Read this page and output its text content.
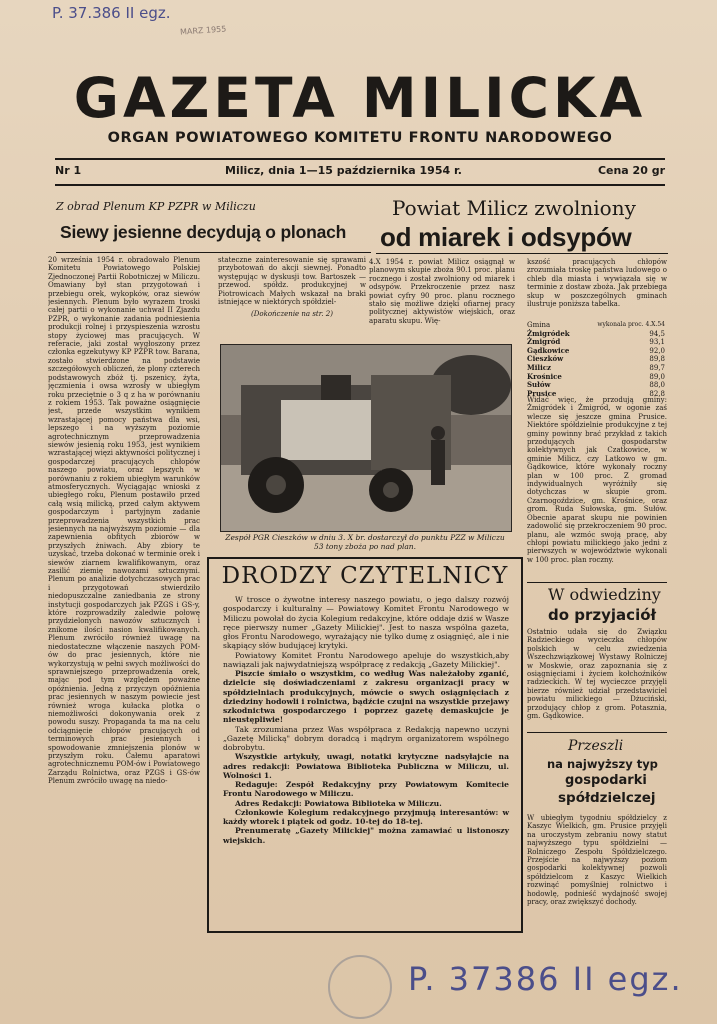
P. 37.386 II egz.
MARZ 1955
GAZETA MILICKA
ORGAN POWIATOWEGO KOMITETU FRONTU NARODOWEGO
Nr 1	Milicz, dnia 1—15 października 1954 r.	Cena 20 gr
Z obrad Plenum KP PZPR w Miliczu
Siewy jesienne decydują o plonach
20 września 1954 r. obradowało Plenum Komitetu Powiatowego Polskiej Zjednoczonej Partii Robotniczej w Miliczu. Omawiany był stan przygotowań i przebiegu orek, wykopków, oraz siewów jesiennych. Plenum było wyrazem troski całej partii o wykonanie uchwał II Zjazdu PZPR, o wykonanie zadania podniesienia produkcji rolnej i przyspieszenia wzrostu stopy życiowej mas pracujących. W referacie, jaki został wygłoszony przez członka egzekutywy KP PZPR tow. Barana, zostało stwierdzone na podstawie szczegółowych obliczeń, że plony czterech podstawowych zbóż tj. pszenicy, żyta, jęczmienia i owsa wzrosły w ubiegłym roku przeciętnie o 3 q z ha w porównaniu z rokiem 1953. Tak poważne osiągnięcie jest, przede wszystkim wynikiem wzrastającej pomocy państwa dla wsi, lepszego i na wyższym poziomie agrotechnicznym przeprowadzenia siewów jesienią roku 1953, jest wynikiem wzrastającej więzi aktywności politycznej i gospodarczej pracujących chłopów naszego powiatu, oraz lepszych w porównaniu z rokiem ubiegłym warunków atmosferycznych. Wyciągając wnioski z ubiegłego roku, Plenum postawiło przed całą wsią milicką, przed całym aktywem gospodarczym i partyjnym zadanie przeprowadzenia wszystkich prac jesiennych na najwyższym poziomie — dla zapewnienia obfitych zbiorów w przyszłych żniwach. Aby zbiory te uzyskać, trzeba dokonać w terminie orek i siewów ziarnem kwalifikowanym, oraz zasilić ziemię nawozami sztucznymi. Plenum po analizie dotychczasowych prac i przygotowań stwierdziło niedopuszczalne zaniedbania ze strony instytucji gospodarczych jak PZGS i GS-y, które rozprowadziły zaledwie połowę przydzielonych nawozów sztucznych i znikome ilości nasion kwalifikowanych. Plenum zwróciło również uwagę na niedostateczne włączenie naszych POM-ów do prac jesiennych, które nie wykorzystują w pełni swych możliwości do sprawniejszego przeprowadzenia orek, mając pod tym względem poważne opóźnienia. Jedną z przyczyn opóźnienia prac jesiennych w naszym powiecie jest również wroga kułacka plotka o niemożliwości dokonywania orek z powodu suszy. Propaganda ta ma na celu odciągnięcie chłopów pracujących od terminowych prac jesiennych i spowodowanie zmniejszenia plonów w przyszłym roku. Całemu aparatowi agrotechnicznemu POM-ów i Powiatowego Zarządu Rolnictwa, oraz PZGS i GS-ów Plenum zwróciło uwagę na niedo-
stateczne zainteresowanie się sprawami przybotowań do akcji siewnej. Ponadto występując w dyskusji tow. Bartoszek — przewod. spółdz. produkcyjnej w Piotrowicach Małych wskazał na braki istniejące w niektórych spółdziel-
(Dokończenie na str. 2)
Powiat Milicz zwolniony
od miarek i odsypów
4.X 1954 r. powiat Milicz osiągnął w planowym skupie zboża 90.1 proc. planu rocznego i został zwolniony od miarek i odsypów. Przekroczenie przez nasz powiat cyfry 90 proc. planu rocznego stało się możliwe dzięki ofiarnej pracy politycznej aktywistów wiejskich, oraz aparatu skupu. Wię-
kszość pracujących chłopów zrozumiała troskę państwa ludowego o chleb dla miasta i wywiązała się w terminie z dostaw zboża. Jak przebiega skup w poszczególnych gminach ilustruje poniższa tabelka.
Gmina	wykonala proc. 4.X.54
Żmigródek	94,5
Żmigród	93,1
Gądkowice	92,0
Cieszków	89,8
Milicz	89,7
Krośnice	89,0
Sułów	88,0
Prusice	82,8
Widać więc, że przodują gminy: Żmigródek i Żmigród, w ogonie zaś wlecze się jeszcze gmina Prusice. Niektóre spółdzielnie produkcyjne z tej gminy powinny brać przykład z takich przodujących gospodarstw kolektywnych jak Czatkowice, w gminie Milicz, czy Latkowo w gm. Gądkowice, które wykonały roczny plan w 100 proc. Z gromad indywidualnych wyróżniły się dotychczas w skupie grom. Czarnogoździce, gm. Krośnice, oraz grom. Ruda Sułowska, gm. Sułów. Obecnie aparat skupu nie powinien zadowolić się przekroczeniem 90 proc. planu, ale wzmóc swoją pracę, aby chłopi powiatu milickiego jako jedni z pierwszych w województwie wykonali w 100 proc. plan roczny.
Zespół PGR Cieszków w dniu 3. X br. dostarczył do punktu PZZ w Miliczu 53 tony zboża po nad plan.
DRODZY CZYTELNICY

W trosce o żywotne interesy naszego powiatu, o jego dalszy rozwój gospodarczy i kulturalny — Powiatowy Komitet Frontu Narodowego w Miliczu powołał do życia Kolegium redakcyjne, które oddaje dziś w Wasze ręce pierwszy numer „Gazety Milickiej". Jest to nasza wspólna gazeta, głos Frontu Narodowego, wyrażający nie tylko dumę z osiągnięć, ale i nie skąpiący słów budującej krytyki.

Powiatowy Komitet Frontu Narodowego apeluje do wszystkich,aby nawiązali jak najwydatniejszą współpracę z redakcją „Gazety Milickiej".

Piszcie śmiało o wszystkim, co według Was należałoby zganić, dzielcie się doświadczeniami z zakresu organizacji pracy w spółdzielniach produkcyjnych, mówcie o swych osiągnięciach z dziedziny hodowli i rolnictwa, bądźcie czujni na wszystkie przejawy szkodnictwa gospodarczego i poprzez gazetę demaskujcie je nieustępliwie!

Tak zrozumiana przez Was współpraca z Redakcją napewno uczyni „Gazetę Milicką" dobrym doradcą i mądrym organizatorem wspólnego dobrobytu.

Wszystkie artykuły, uwagi, notatki krytyczne nadsyłajcie na adres redakcji: Powiatowa Biblioteka Publiczna w Miliczu, ul. Wolności 1.

Redaguje: Zespół Redakcyjny przy Powiatowym Komitecie Frontu Narodowego w Miliczu.

Adres Redakcji: Powiatowa Biblioteka w Miliczu.

Członkowie Kolegium redakcyjnego przyjmują interesantów: w każdy wtorek i piątek od godz. 10-tej do 18-tej.

Prenumeratę „Gazety Milickiej" można zamawiać u listonoszy wiejskich.

W odwiedziny
do przyjaciół
Ostatnio udała się do Związku Radzieckiego wycieczka chłopów polskich w celu zwiedzenia Wszechzwiązkowej Wystawy Rolniczej w Moskwie, oraz zapoznania się z osiągnięciami i życiem kołchoźników radzieckich. W tej wycieczce przyjęli bierze również udział przedstawiciel powiatu milickiego — Dżuciński, przodujący chłop z grom. Potasznia, gm. Gądkowice.
Przeszli
na najwyższy typ
gospodarki
spółdzielczej
W ubiegłym tygodniu spółdzielcy z Kaszyc Wielkich, gm. Prusice przyjęli na uroczystym zebraniu nowy statut najwyższego typu spółdzielni — Rolniczego Zespołu Spółdzielczego. Przejście na najwyższy poziom gospodarki kolektywnej pozwoli spółdzielcom z Kaszyc Wielkich rozwinąć pomyślniej rolnictwo i hodowlę, podnieść wydajność swojej pracy, oraz zwiększyć dochody.
P. 37386 II egz.
